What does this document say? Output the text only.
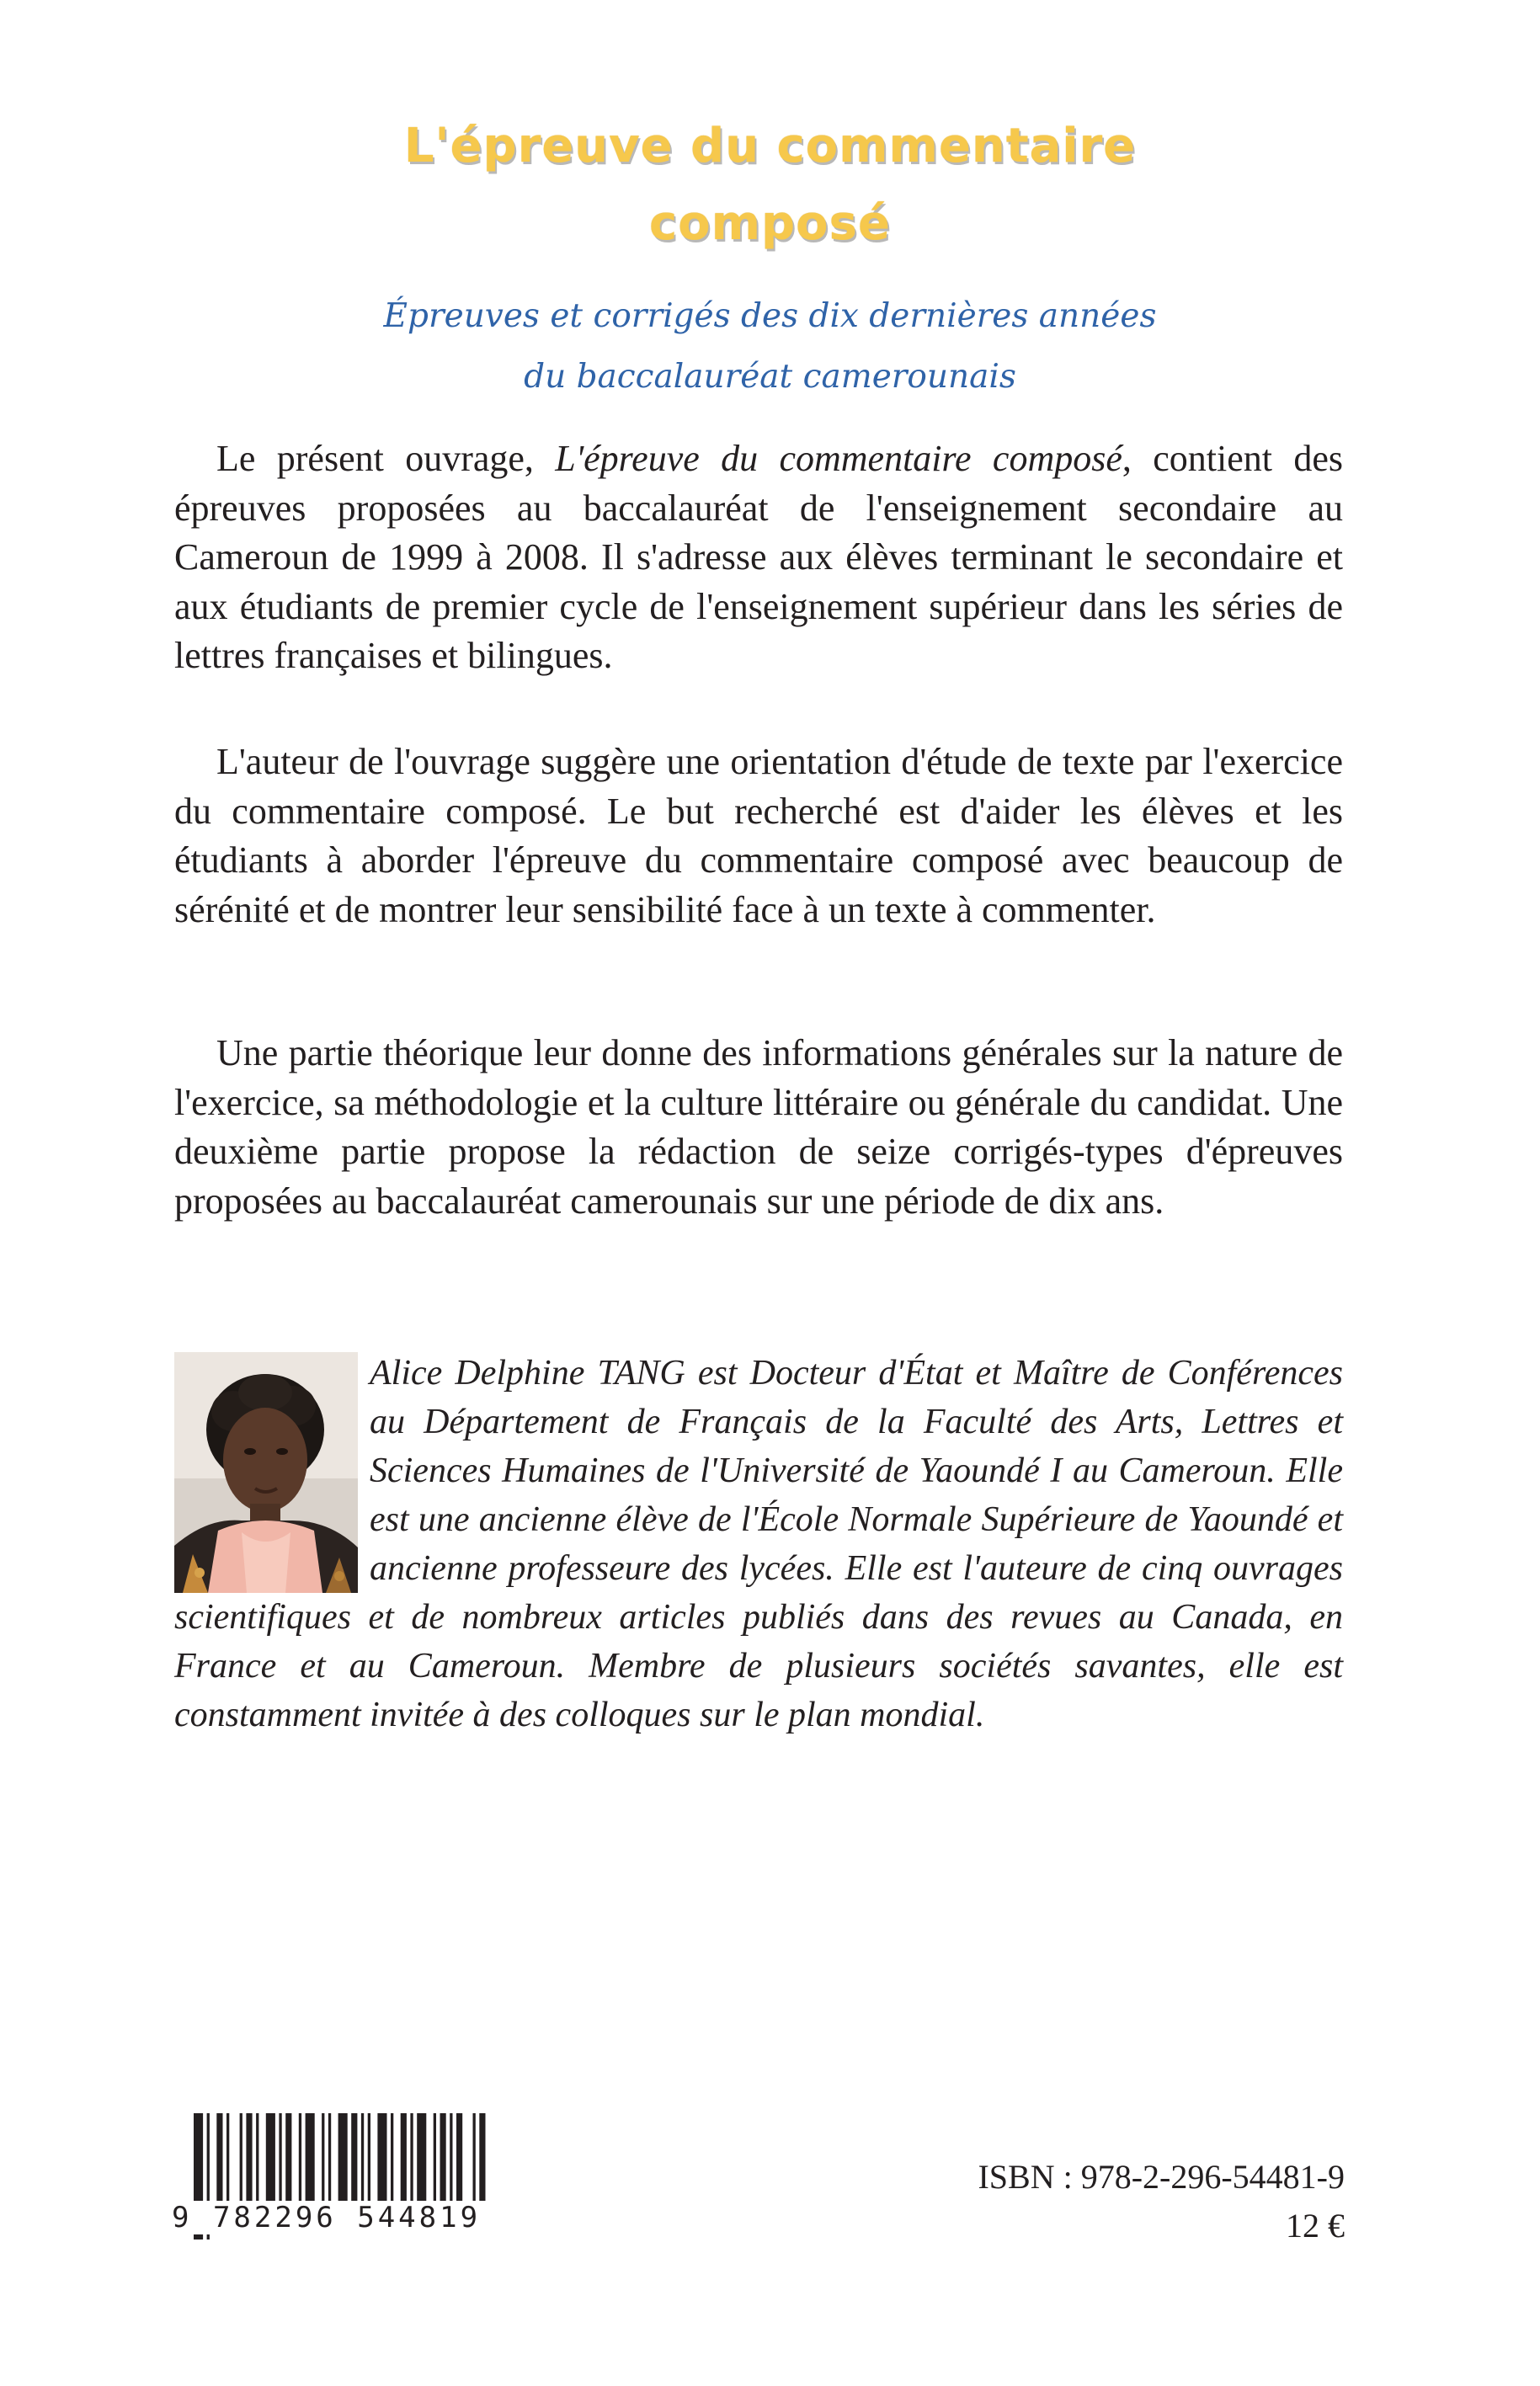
L'épreuve du commentaire
composé
Épreuves et corrigés des dix dernières années
du baccalauréat camerounais

Le présent ouvrage, L'épreuve du commentaire composé, contient des épreuves proposées au baccalauréat de l'enseignement secondaire au Cameroun de 1999 à 2008. Il s'adresse aux élèves terminant le secondaire et aux étudiants de premier cycle de l'enseignement supérieur dans les séries de lettres françaises et bilingues.

L'auteur de l'ouvrage suggère une orientation d'étude de texte par l'exercice du commentaire composé. Le but recherché est d'aider les élèves et les étudiants à aborder l'épreuve du commentaire composé avec beaucoup de sérénité et de montrer leur sensibilité face à un texte à commenter.

Une partie théorique leur donne des informations générales sur la nature de l'exercice, sa méthodologie et la culture littéraire ou générale du candidat. Une deuxième partie propose la rédaction de seize corrigés-types d'épreuves proposées au baccalauréat camerounais sur une période de dix ans.

Alice Delphine TANG est Docteur d'État et Maître de Conférences au Département de Français de la Faculté des Arts, Lettres et Sciences Humaines de l'Université de Yaoundé I au Cameroun. Elle est une ancienne élève de l'École Normale Supérieure de Yaoundé et ancienne professeure des lycées. Elle est l'auteure de cinq ouvrages scientifiques et de nombreux articles publiés dans des revues au Canada, en France et au Cameroun. Membre de plusieurs sociétés savantes, elle est constamment invitée à des colloques sur le plan mondial.
9 782296 544819
ISBN : 978-2-296-54481-9
12 €
